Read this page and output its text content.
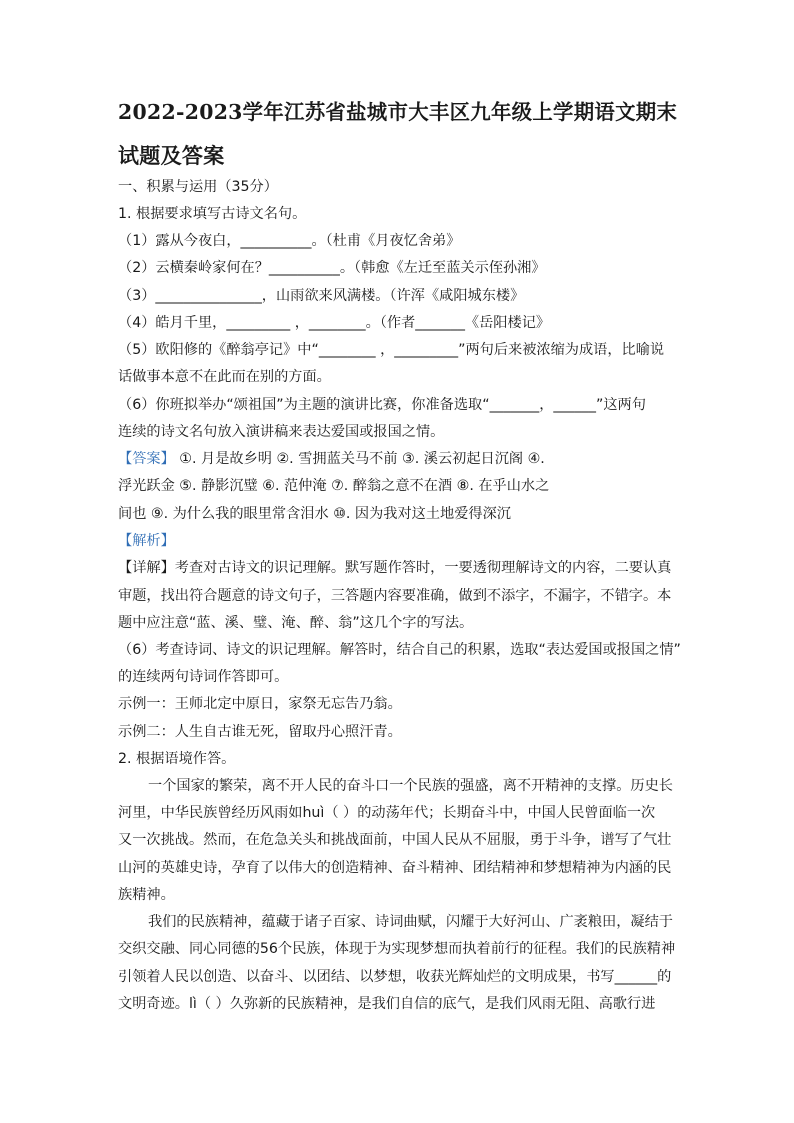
2022-2023学年江苏省盐城市大丰区九年级上学期语文期末
试题及答案
一、积累与运用（35分）
1. 根据要求填写古诗文名句。
（1）露从今夜白，__________。（杜甫《月夜忆舍弟》
（2）云横秦岭家何在？__________。（韩愈《左迁至蓝关示侄孙湘》
（3）_______________，山雨欲来风满楼。（许浑《咸阳城东楼》
（4）皓月千里，_________ ，________。（作者_______《岳阳楼记》
（5）欧阳修的《醉翁亭记》中“________ ，_________”两句后来被浓缩为成语，比喻说
话做事本意不在此而在别的方面。
（6）你班拟举办“颂祖国”为主题的演讲比赛，你准备选取“_______，______”这两句
连续的诗文名句放入演讲稿来表达爱国或报国之情。
【答案】 ①. 月是故乡明 ②. 雪拥蓝关马不前 ③. 溪云初起日沉阁 ④.
浮光跃金 ⑤. 静影沉璧 ⑥. 范仲淹 ⑦. 醉翁之意不在酒 ⑧. 在乎山水之
间也 ⑨. 为什么我的眼里常含泪水 ⑩. 因为我对这土地爱得深沉
【解析】
【详解】考查对古诗文的识记理解。默写题作答时，一要透彻理解诗文的内容，二要认真
审题，找出符合题意的诗文句子，三答题内容要准确，做到不添字，不漏字，不错字。本
题中应注意“蓝、溪、璧、淹、醉、翁”这几个字的写法。
（6）考查诗词、诗文的识记理解。解答时，结合自己的积累，选取“表达爱国或报国之情”
的连续两句诗词作答即可。
示例一：王师北定中原日，家祭无忘告乃翁。
示例二：人生自古谁无死，留取丹心照汗青。
2. 根据语境作答。
一个国家的繁荣，离不开人民的奋斗口一个民族的强盛，离不开精神的支撑。历史长
河里，中华民族曾经历风雨如huì（ ）的动荡年代；长期奋斗中，中国人民曾面临一次
又一次挑战。然而，在危急关头和挑战面前，中国人民从不屈服，勇于斗争，谱写了气壮
山河的英雄史诗，孕育了以伟大的创造精神、奋斗精神、团结精神和梦想精神为内涵的民
族精神。
我们的民族精神，蕴藏于诸子百家、诗词曲赋，闪耀于大好河山、广袤粮田，凝结于
交织交融、同心同德的56个民族，体现于为实现梦想而执着前行的征程。我们的民族精神
引领着人民以创造、以奋斗、以团结、以梦想，收获光辉灿烂的文明成果，书写______的
文明奇迹。lì（ ）久弥新的民族精神，是我们自信的底气，是我们风雨无阻、高歌行进
